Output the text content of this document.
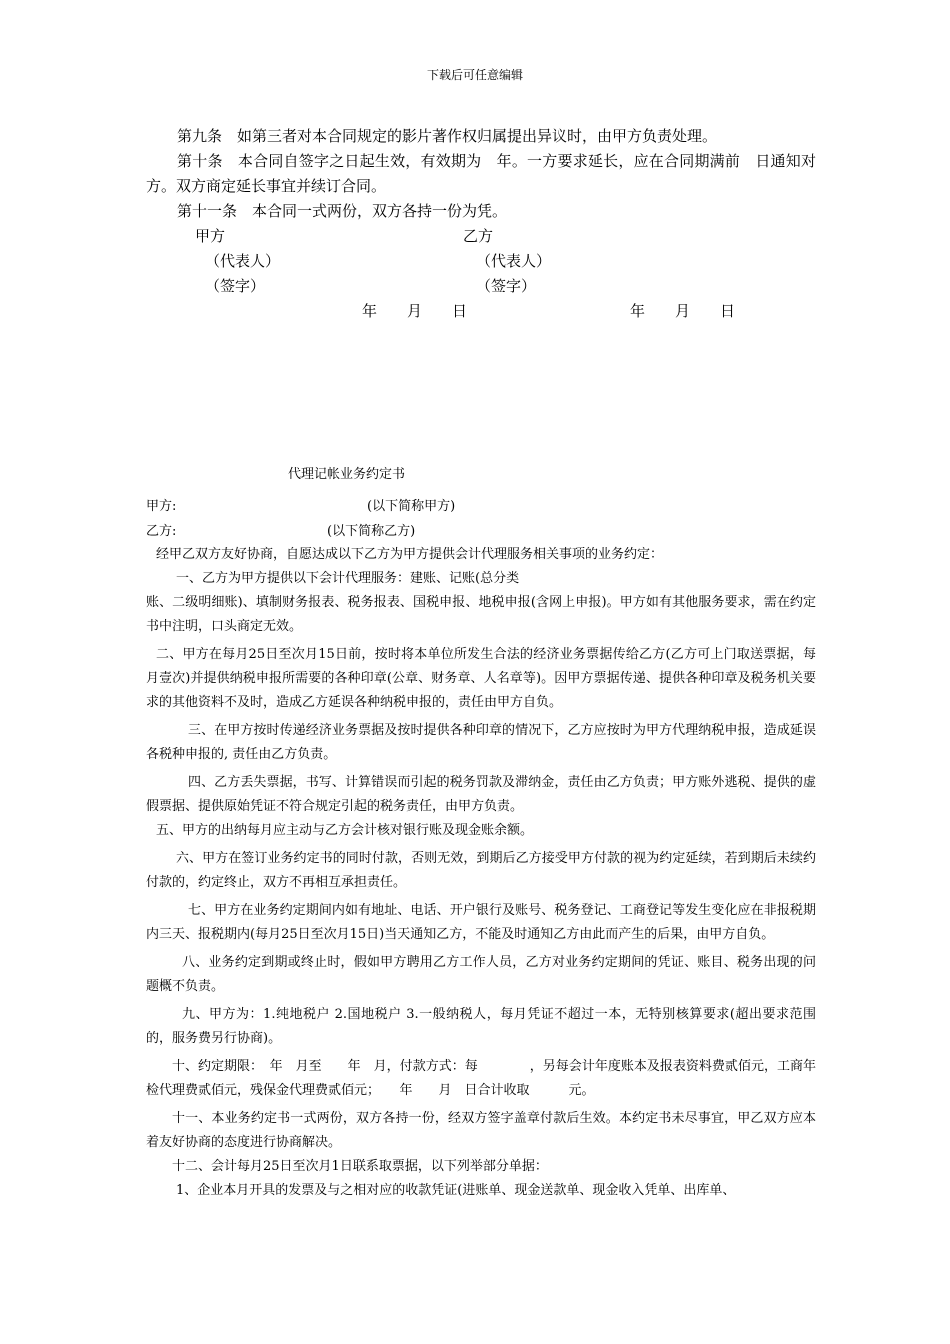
下载后可任意编辑

第九条　如第三者对本合同规定的影片著作权归属提出异议时，由甲方负责处理。

第十条　本合同自签字之日起生效，有效期为　年。一方要求延长，应在合同期满前　日通知对方。双方商定延长事宜并续订合同。

第十一条　本合同一式两份，双方各持一份为凭。

甲方	乙方
（代表人）	（代表人）
（签字）	（签字）
年　　月　　日	年　　月　　日
代理记帐业务约定书
甲方:	(以下简称甲方)
乙方:	(以下简称乙方)

经甲乙双方友好协商，自愿达成以下乙方为甲方提供会计代理服务相关事项的业务约定：

一、乙方为甲方提供以下会计代理服务：建账、记账(总分类

账、二级明细账)、填制财务报表、税务报表、国税申报、地税申报(含网上申报)。甲方如有其他服务要求，需在约定书中注明，口头商定无效。

二、甲方在每月25日至次月15日前，按时将本单位所发生合法的经济业务票据传给乙方(乙方可上门取送票据，每月壹次)并提供纳税申报所需要的各种印章(公章、财务章、人名章等)。因甲方票据传递、提供各种印章及税务机关要求的其他资料不及时，造成乙方延误各种纳税申报的，责任由甲方自负。

三、在甲方按时传递经济业务票据及按时提供各种印章的情况下，乙方应按时为甲方代理纳税申报，造成延误各税种申报的, 责任由乙方负责。

四、乙方丢失票据，书写、计算错误而引起的税务罚款及滞纳金，责任由乙方负责；甲方账外逃税、提供的虚假票据、提供原始凭证不符合规定引起的税务责任，由甲方负责。

五、甲方的出纳每月应主动与乙方会计核对银行账及现金账余额。

六、甲方在签订业务约定书的同时付款，否则无效，到期后乙方接受甲方付款的视为约定延续，若到期后未续约付款的，约定终止，双方不再相互承担责任。

七、甲方在业务约定期间内如有地址、电话、开户银行及账号、税务登记、工商登记等发生变化应在非报税期内三天、报税期内(每月25日至次月15日)当天通知乙方，不能及时通知乙方由此而产生的后果，由甲方自负。

八、业务约定到期或终止时，假如甲方聘用乙方工作人员，乙方对业务约定期间的凭证、账目、税务出现的问题概不负责。

九、甲方为：1.纯地税户 2.国地税户 3.一般纳税人，每月凭证不超过一本，无特别核算要求(超出要求范围的，服务费另行协商)。

十、约定期限：　年　月至　　年　月，付款方式：每　　　　，另每会计年度账本及报表资料费贰佰元，工商年检代理费贰佰元，残保金代理费贰佰元；　　年　　月　日合计收取　　　元。

十一、本业务约定书一式两份，双方各持一份，经双方签字盖章付款后生效。本约定书未尽事宜，甲乙双方应本着友好协商的态度进行协商解决。

十二、会计每月25日至次月1日联系取票据，以下列举部分单据：

1、企业本月开具的发票及与之相对应的收款凭证(进账单、现金送款单、现金收入凭单、出库单、
